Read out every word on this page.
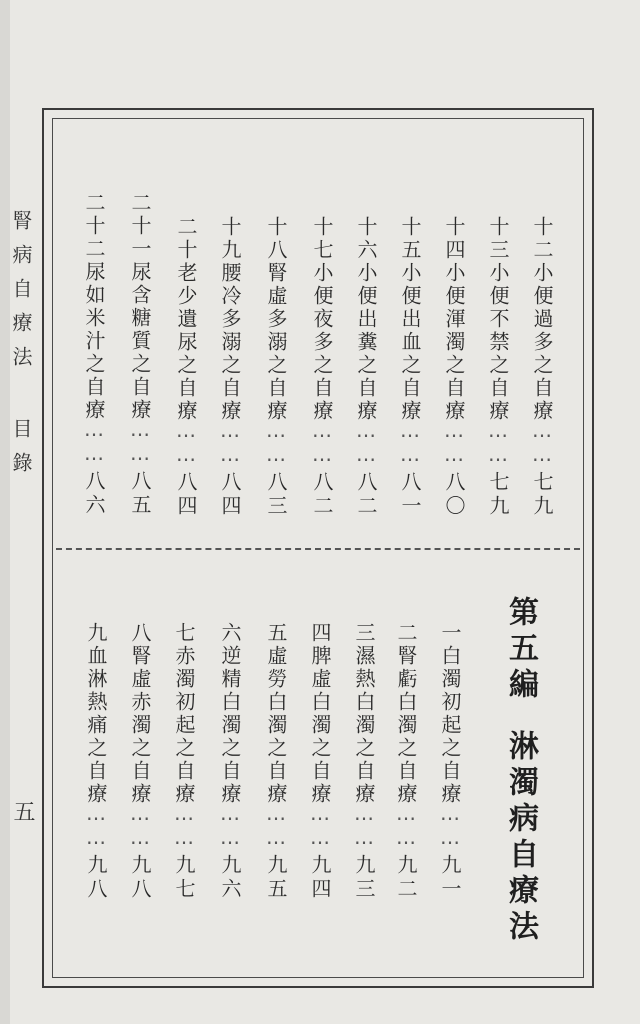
腎病自療法 目錄
五
十二小便過多之自療⋯⋯七九
十三小便不禁之自療⋯⋯七九
十四小便渾濁之自療⋯⋯八〇
十五小便出血之自療⋯⋯八一
十六小便出糞之自療⋯⋯八二
十七小便夜多之自療⋯⋯八二
十八腎虛多溺之自療⋯⋯八三
十九腰冷多溺之自療⋯⋯八四
二十老少遺尿之自療⋯⋯八四
二十一尿含糖質之自療⋯⋯八五
二十二尿如米汁之自療⋯⋯八六
第五編淋濁病自療法
一白濁初起之自療⋯⋯九一
二腎虧白濁之自療⋯⋯九二
三濕熱白濁之自療⋯⋯九三
四脾虛白濁之自療⋯⋯九四
五虛勞白濁之自療⋯⋯九五
六逆精白濁之自療⋯⋯九六
七赤濁初起之自療⋯⋯九七
八腎虛赤濁之自療⋯⋯九八
九血淋熱痛之自療⋯⋯九八
